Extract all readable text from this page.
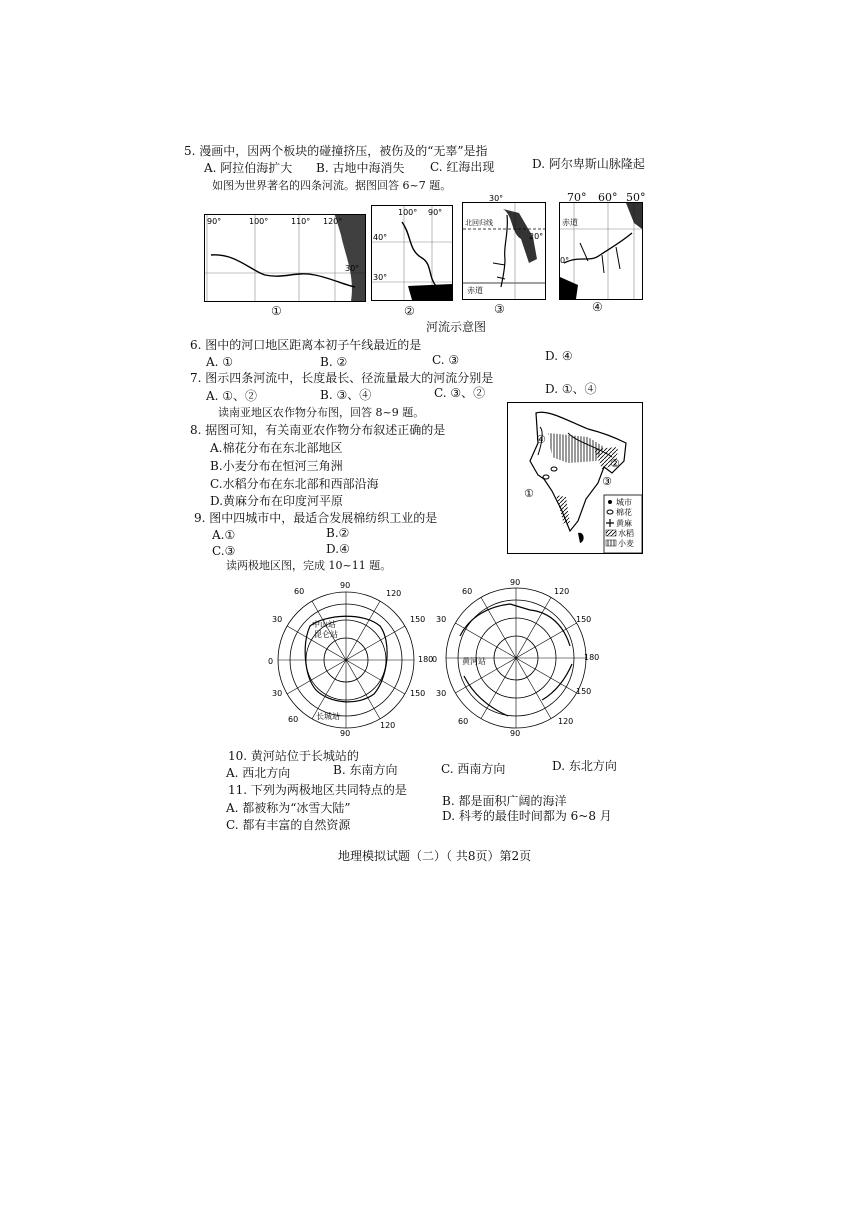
5. 漫画中，因两个板块的碰撞挤压，被伤及的“无辜”是指
A. 阿拉伯海扩大 B. 古地中海消失 C. 红海出现	D. 阿尔卑斯山脉隆起
如图为世界著名的四条河流。据图回答 6~7 题。
90°	100°	110° 120°
30°
100° 90°
40°
30°
北回归线
赤道
30°
20°
赤道
0°
70° 60° 50°
①	②	③	④
河流示意图
6. 图中的河口地区距离本初子午线最近的是
A. ①	B. ②	C. ③	D. ④
7. 图示四条河流中，长度最长、径流量最大的河流分别是
A. ①、②	B. ③、④	C. ③、②	D. ①、④
读南亚地区农作物分布图，回答 8~9 题。
8. 据图可知，有关南亚农作物分布叙述正确的是
A.棉花分布在东北部地区
B.小麦分布在恒河三角洲
C.水稻分布在东北部和西部沿海
D.黄麻分布在印度河平原
9. 图中四城市中，最适合发展棉纺织工业的是
A.①	B.②
C.③	D.④
读两极地区图，完成 10~11 题。
④
②
③
①
城市
棉花
黄麻
水稻
小麦
中山站
昆仑站
长城站
90
120
150
180
150
120
90
60
30
0
30
60
黄河站
90
120
150
180
150
120
90
60
30
0
30
60
10. 黄河站位于长城站的
A. 西北方向	B. 东南方向	C. 西南方向	D. 东北方向
11. 下列为两极地区共同特点的是
A. 都被称为“冰雪大陆”	B. 都是面积广阔的海洋
C. 都有丰富的自然资源
D. 科考的最佳时间都为 6~8 月
地理模拟试题（二）（ 共8页）第2页
